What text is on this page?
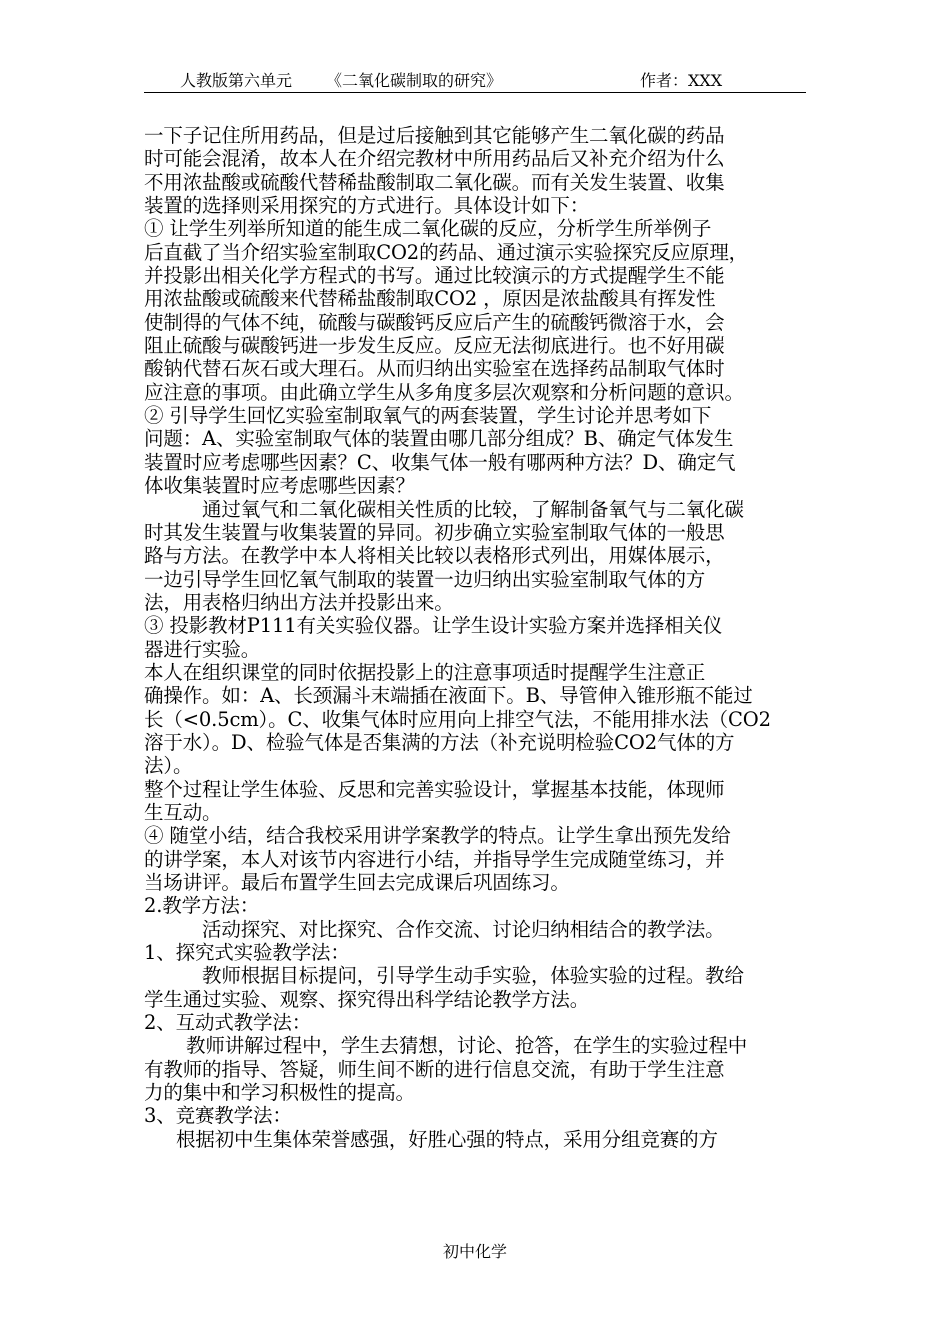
人教版第六单元 《二氧化碳制取的研究》	作者：XXX
一下子记住所用药品，但是过后接触到其它能够产生二氧化碳的药品
时可能会混淆，故本人在介绍完教材中所用药品后又补充介绍为什么
不用浓盐酸或硫酸代替稀盐酸制取二氧化碳。而有关发生装置、收集
装置的选择则采用探究的方式进行。具体设计如下：
① 让学生列举所知道的能生成二氧化碳的反应，分析学生所举例子
后直截了当介绍实验室制取CO2的药品、通过演示实验探究反应原理，
并投影出相关化学方程式的书写。通过比较演示的方式提醒学生不能
用浓盐酸或硫酸来代替稀盐酸制取CO2 ，原因是浓盐酸具有挥发性
使制得的气体不纯，硫酸与碳酸钙反应后产生的硫酸钙微溶于水，会
阻止硫酸与碳酸钙进一步发生反应。反应无法彻底进行。也不好用碳
酸钠代替石灰石或大理石。从而归纳出实验室在选择药品制取气体时
应注意的事项。由此确立学生从多角度多层次观察和分析问题的意识。
② 引导学生回忆实验室制取氧气的两套装置，学生讨论并思考如下
问题：A、实验室制取气体的装置由哪几部分组成？B、确定气体发生
装置时应考虑哪些因素？C、收集气体一般有哪两种方法？D、确定气
体收集装置时应考虑哪些因素？
通过氧气和二氧化碳相关性质的比较，了解制备氧气与二氧化碳
时其发生装置与收集装置的异同。初步确立实验室制取气体的一般思
路与方法。在教学中本人将相关比较以表格形式列出，用媒体展示，
一边引导学生回忆氧气制取的装置一边归纳出实验室制取气体的方
法，用表格归纳出方法并投影出来。
③ 投影教材P111有关实验仪器。让学生设计实验方案并选择相关仪
器进行实验。
本人在组织课堂的同时依据投影上的注意事项适时提醒学生注意正
确操作。如：A、长颈漏斗末端插在液面下。B、导管伸入锥形瓶不能过
长（<0.5cm）。C、收集气体时应用向上排空气法，不能用排水法（CO2
溶于水）。D、检验气体是否集满的方法（补充说明检验CO2气体的方
法）。
整个过程让学生体验、反思和完善实验设计，掌握基本技能，体现师
生互动。
④ 随堂小结，结合我校采用讲学案教学的特点。让学生拿出预先发给
的讲学案，本人对该节内容进行小结，并指导学生完成随堂练习，并
当场讲评。最后布置学生回去完成课后巩固练习。
2.教学方法：
活动探究、对比探究、合作交流、讨论归纳相结合的教学法。
1、探究式实验教学法：
教师根据目标提问，引导学生动手实验，体验实验的过程。教给
学生通过实验、观察、探究得出科学结论教学方法。
2、互动式教学法：
教师讲解过程中，学生去猜想，讨论、抢答，在学生的实验过程中
有教师的指导、答疑，师生间不断的进行信息交流，有助于学生注意
力的集中和学习积极性的提高。
3、竞赛教学法：
根据初中生集体荣誉感强，好胜心强的特点，采用分组竞赛的方
初中化学
